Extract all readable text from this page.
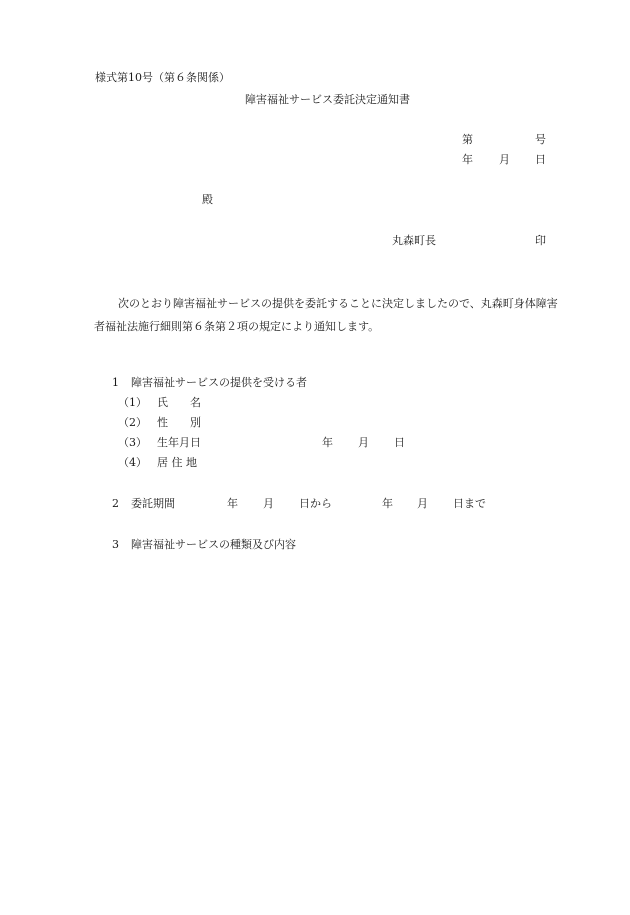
様式第10号（第６条関係）
障害福祉サービス委託決定通知書
第	号
年 月 日
殿
丸森町長	印
次のとおり障害福祉サービスの提供を委託することに決定しましたので、丸森町身体障害者福祉法施行細則第６条第２項の規定により通知します。
1 障害福祉サービスの提供を受ける者
（1） 氏　　名
（2） 性　　別
（3） 生年月日	年 月 日
（4） 居 住 地
2 委託期間	年 月 日から	年 月 日まで
3 障害福祉サービスの種類及び内容
